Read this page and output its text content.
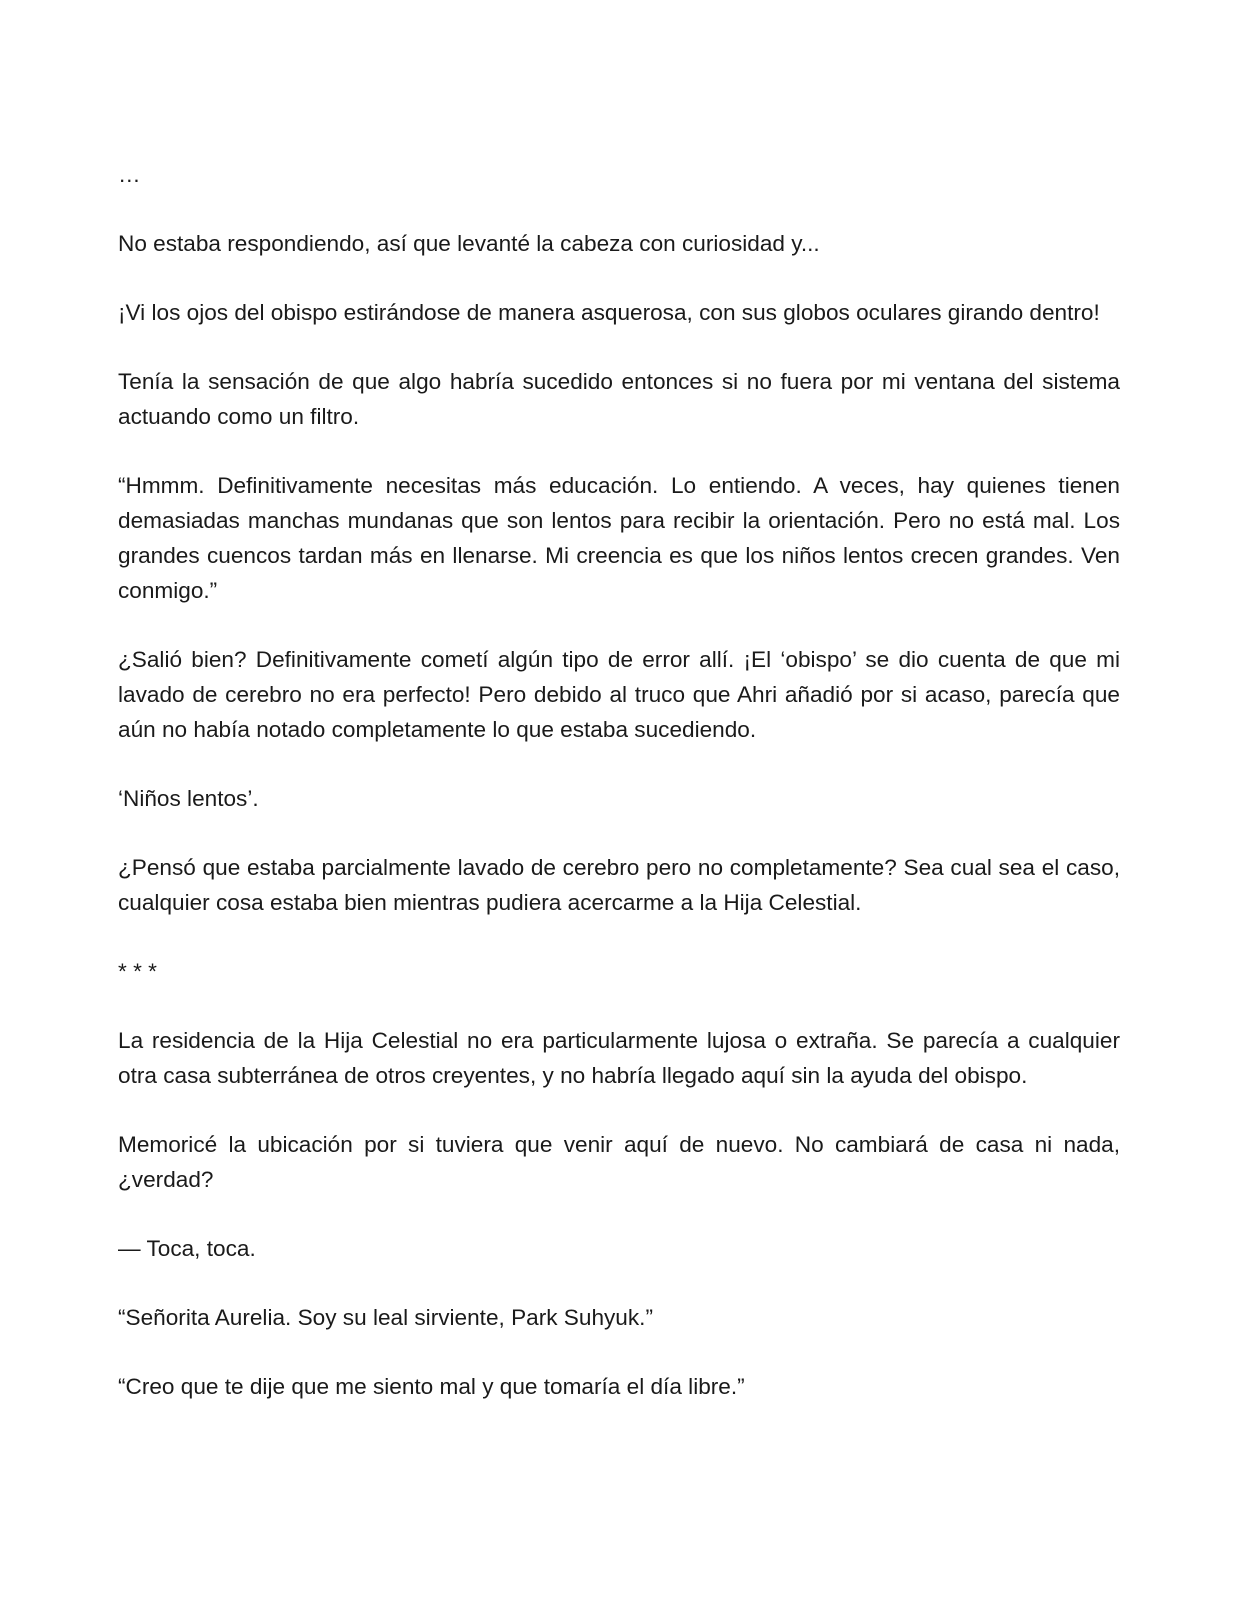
…

No estaba respondiendo, así que levanté la cabeza con curiosidad y...

¡Vi los ojos del obispo estirándose de manera asquerosa, con sus globos oculares girando dentro!

Tenía la sensación de que algo habría sucedido entonces si no fuera por mi ventana del sistema actuando como un filtro.

“Hmmm. Definitivamente necesitas más educación. Lo entiendo. A veces, hay quienes tienen demasiadas manchas mundanas que son lentos para recibir la orientación. Pero no está mal. Los grandes cuencos tardan más en llenarse. Mi creencia es que los niños lentos crecen grandes. Ven conmigo.”

¿Salió bien? Definitivamente cometí algún tipo de error allí. ¡El ‘obispo’ se dio cuenta de que mi lavado de cerebro no era perfecto! Pero debido al truco que Ahri añadió por si acaso, parecía que aún no había notado completamente lo que estaba sucediendo.

‘Niños lentos’.

¿Pensó que estaba parcialmente lavado de cerebro pero no completamente? Sea cual sea el caso, cualquier cosa estaba bien mientras pudiera acercarme a la Hija Celestial.

* * *

La residencia de la Hija Celestial no era particularmente lujosa o extraña. Se parecía a cualquier otra casa subterránea de otros creyentes, y no habría llegado aquí sin la ayuda del obispo.

Memoricé la ubicación por si tuviera que venir aquí de nuevo. No cambiará de casa ni nada, ¿verdad?

— Toca, toca.

“Señorita Aurelia. Soy su leal sirviente, Park Suhyuk.”

“Creo que te dije que me siento mal y que tomaría el día libre.”
